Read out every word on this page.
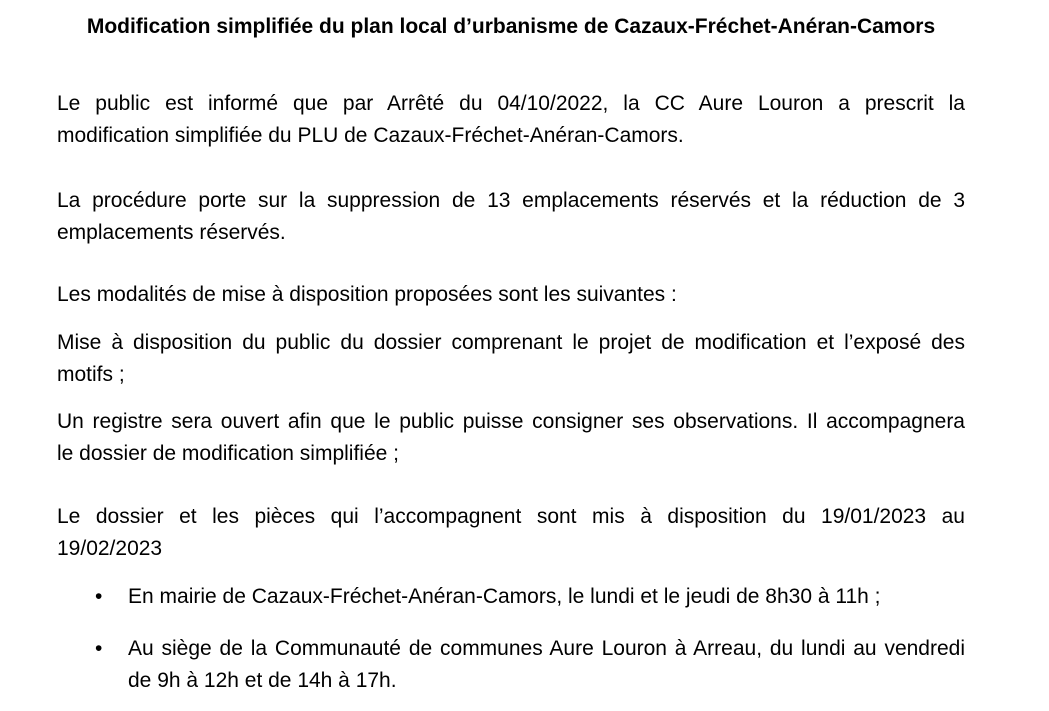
Modification simplifiée du plan local d’urbanisme de Cazaux-Fréchet-Anéran-Camors
Le public est informé que par Arrêté du 04/10/2022, la CC Aure Louron a prescrit la
modification simplifiée du PLU de Cazaux-Fréchet-Anéran-Camors.
La procédure porte sur la suppression de 13 emplacements réservés et la réduction de 3
emplacements réservés.
Les modalités de mise à disposition proposées sont les suivantes :
Mise à disposition du public du dossier comprenant le projet de modification et l’exposé des
motifs ;
Un registre sera ouvert afin que le public puisse consigner ses observations. Il accompagnera
le dossier de modification simplifiée ;
Le dossier et les pièces qui l’accompagnent sont mis à disposition du 19/01/2023 au
19/02/2023
•	En mairie de Cazaux-Fréchet-Anéran-Camors, le lundi et le jeudi de 8h30 à 11h ;
•	Au siège de la Communauté de communes Aure Louron à Arreau, du lundi au vendredi
de 9h à 12h et de 14h à 17h.
